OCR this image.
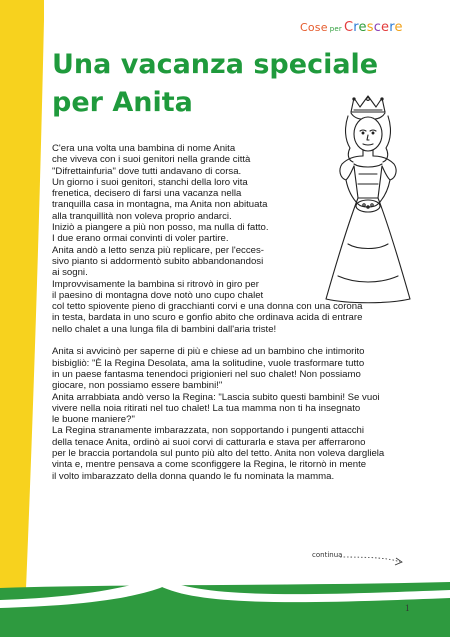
Cose per Crescere
Una vacanza speciale
per Anita
C'era una volta una bambina di nome Anita
che viveva con i suoi genitori nella grande città
"Difrettainfuria" dove tutti andavano di corsa.
Un giorno i suoi genitori, stanchi della loro vita
frenetica, decisero di farsi una vacanza nella
tranquilla casa in montagna, ma Anita non abituata
alla tranquillità non voleva proprio andarci.
Iniziò a piangere a più non posso, ma nulla di fatto.
I due erano ormai convinti di voler partire.
Anita andò a letto senza più replicare, per l'ecces-
sivo pianto si addormentò subito abbandonandosi
ai sogni.
Improvvisamente la bambina si ritrovò in giro per
il paesino di montagna dove notò uno cupo chalet
col tetto spiovente pieno di gracchianti corvi e una donna con una corona
in testa, bardata in uno scuro e gonfio abito che ordinava acida di entrare
nello chalet a una lunga fila di bambini dall'aria triste!
Anita si avvicinò per saperne di più e chiese ad un bambino che intimorito
bisbigliò: "È la Regina Desolata, ama la solitudine, vuole trasformare tutto
in un paese fantasma tenendoci prigionieri nel suo chalet! Non possiamo
giocare, non possiamo essere bambini!"
Anita arrabbiata andò verso la Regina: "Lascia subito questi bambini! Se vuoi
vivere nella noia ritirati nel tuo chalet! La tua mamma non ti ha insegnato
le buone maniere?"
La Regina stranamente imbarazzata, non sopportando i pungenti attacchi
della tenace Anita, ordinò ai suoi corvi di catturarla e stava per afferrarono
per le braccia portandola sul punto più alto del tetto. Anita non voleva dargliela
vinta e, mentre pensava a come sconfiggere la Regina, le ritornò in mente
il volto imbarazzato della donna quando le fu nominata la mamma.
continua
1
